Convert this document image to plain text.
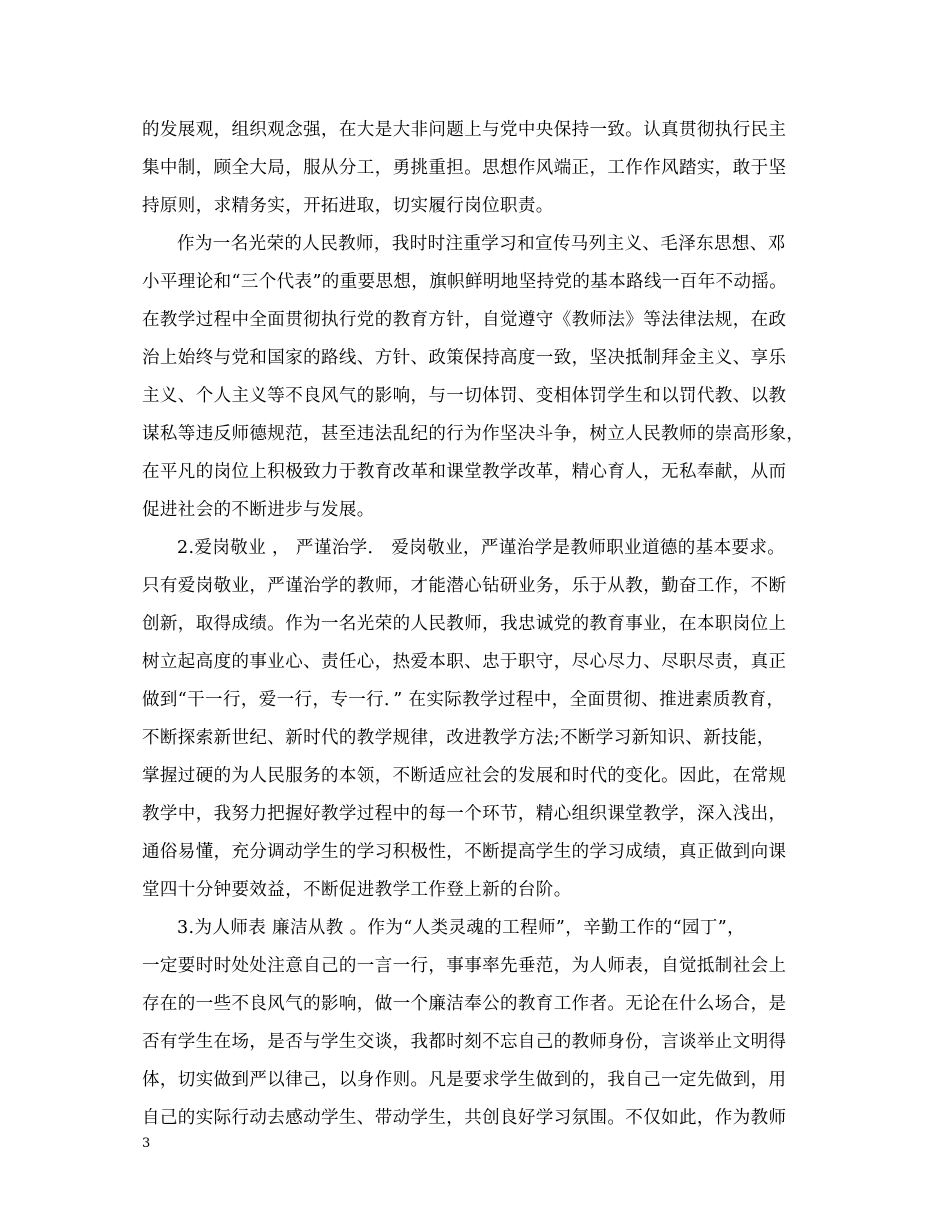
的发展观，组织观念强，在大是大非问题上与党中央保持一致。认真贯彻执行民主
集中制，顾全大局，服从分工，勇挑重担。思想作风端正，工作作风踏实，敢于坚
持原则，求精务实，开拓进取，切实履行岗位职责。
作为一名光荣的人民教师，我时时注重学习和宣传马列主义、毛泽东思想、邓
小平理论和“三个代表”的重要思想，旗帜鲜明地坚持党的基本路线一百年不动摇。
在教学过程中全面贯彻执行党的教育方针，自觉遵守《教师法》等法律法规，在政
治上始终与党和国家的路线、方针、政策保持高度一致，坚决抵制拜金主义、享乐
主义、个人主义等不良风气的影响，与一切体罚、变相体罚学生和以罚代教、以教
谋私等违反师德规范，甚至违法乱纪的行为作坚决斗争，树立人民教师的崇高形象，
在平凡的岗位上积极致力于教育改革和课堂教学改革，精心育人，无私奉献，从而
促进社会的不断进步与发展。
2.爱岗敬业 ， 严谨治学． 爱岗敬业，严谨治学是教师职业道德的基本要求。
只有爱岗敬业，严谨治学的教师，才能潜心钻研业务，乐于从教，勤奋工作，不断
创新，取得成绩。作为一名光荣的人民教师，我忠诚党的教育事业，在本职岗位上
树立起高度的事业心、责任心，热爱本职、忠于职守，尽心尽力、尽职尽责，真正
做到“干一行，爱一行，专一行．” 在实际教学过程中，全面贯彻、推进素质教育，
不断探索新世纪、新时代的教学规律，改进教学方法;不断学习新知识、新技能，
掌握过硬的为人民服务的本领，不断适应社会的发展和时代的变化。因此，在常规
教学中，我努力把握好教学过程中的每一个环节，精心组织课堂教学，深入浅出，
通俗易懂，充分调动学生的学习积极性，不断提高学生的学习成绩，真正做到向课
堂四十分钟要效益，不断促进教学工作登上新的台阶。
3.为人师表 廉洁从教 。作为“人类灵魂的工程师”，辛勤工作的“园丁”，
一定要时时处处注意自己的一言一行，事事率先垂范，为人师表，自觉抵制社会上
存在的一些不良风气的影响，做一个廉洁奉公的教育工作者。无论在什么场合，是
否有学生在场，是否与学生交谈，我都时刻不忘自己的教师身份，言谈举止文明得
体，切实做到严以律己，以身作则。凡是要求学生做到的，我自己一定先做到，用
自己的实际行动去感动学生、带动学生，共创良好学习氛围。不仅如此，作为教师
3
